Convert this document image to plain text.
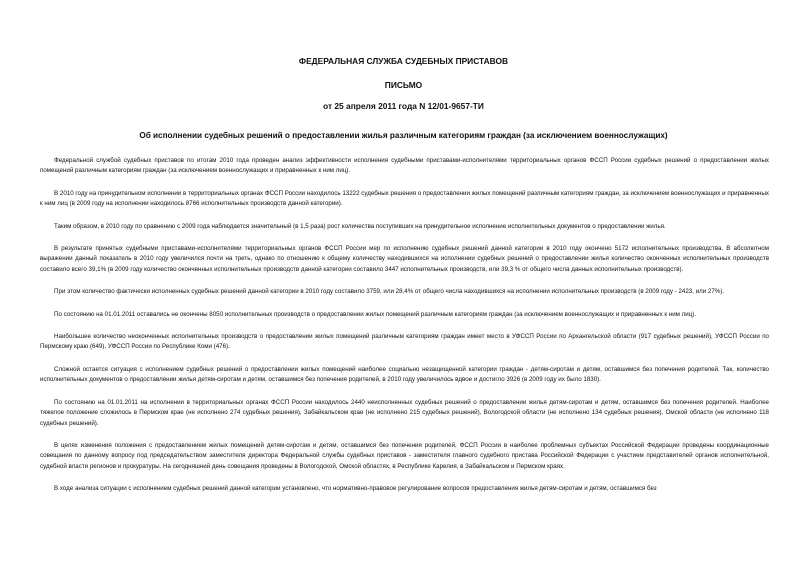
ФЕДЕРАЛЬНАЯ СЛУЖБА СУДЕБНЫХ ПРИСТАВОВ
ПИСЬМО
от 25 апреля 2011 года N 12/01-9657-ТИ
Об исполнении судебных решений о предоставлении жилья различным категориям граждан (за исключением военнослужащих)

Федеральной службой судебных приставов по итогам 2010 года проведен анализ эффективности исполнения судебными приставами-исполнителями территориальных органов ФССП России судебных решений о предоставлении жилых помещений различным категориям граждан (за исключением военнослужащих и приравненных к ним лиц).

В 2010 году на принудительном исполнении в территориальных органах ФССП России находилось 13222 судебных решения о предоставлении жилых помещений различным категориям граждан, за исключением военнослужащих и приравненных к ним лиц (в 2009 году на исполнении находилось 8766 исполнительных производств данной категории).

Таким образом, в 2010 году по сравнению с 2009 года наблюдается значительный (в 1,5 раза) рост количества поступивших на принудительное исполнение исполнительных документов о предоставлении жилья.

В результате принятых судебными приставами-исполнителями территориальных органов ФССП России мер по исполнению судебных решений данной категории в 2010 году окончено 5172 исполнительных производства. В абсолютном выражении данный показатель в 2010 году увеличился почти на треть, однако по отношению к общему количеству находившихся на исполнении судебных решений о предоставлении жилья количество оконченных исполнительных производств составило всего 39,1% (в 2009 году количество оконченных исполнительных производств данной категории составило 3447 исполнительных производств, или 39,3 % от общего числа данных исполнительных производств).

При этом количество фактически исполненных судебных решений данной категории в 2010 году составило 3759, или 28,4% от общего числа находившихся на исполнении исполнительных производств (в 2009 году - 2423, или 27%).

По состоянию на 01.01.2011 оставались не окончены 8050 исполнительных производств о предоставлении жилых помещений различным категориям граждан (за исключением военнослужащих и приравненных к ним лиц).

Наибольшее количество неоконченных исполнительных производств о предоставлении жилых помещений различным категориям граждан имеет место в УФССП России по Архангельской области (917 судебных решений), УФССП России по Пермскому краю (649), УФССП России по Республике Коми (476).

Сложной остается ситуация с исполнением судебных решений о предоставлении жилых помещений наиболее социально незащищенной категории граждан - детям-сиротам и детям, оставшимся без попечения родителей. Так, количество исполнительных документов о предоставлении жилья детям-сиротам и детям, оставшимся без попечения родителей, в 2010 году увеличилось вдвое и достигло 3926 (в 2009 году их было 1830).

По состоянию на 01.01.2011 на исполнении в территориальных органах ФССП России находилось 2440 неисполненных судебных решений о предоставлении жилья детям-сиротам и детям, оставшимся без попечения родителей. Наиболее тяжелое положение сложилось в Пермском крае (не исполнено 274 судебных решения), Забайкальском крае (не исполнено 215 судебных решений), Вологодской области (не исполнено 134 судебных решения), Омской области (не исполнено 118 судебных решений).

В целях изменения положения с предоставлением жилых помещений детям-сиротам и детям, оставшимся без попечения родителей, ФССП России в наиболее проблемных субъектах Российской Федерации проведены координационные совещания по данному вопросу под председательством заместителя директора Федеральной службы судебных приставов - заместителя главного судебного пристава Российской Федерации с участием представителей органов исполнительной, судебной власти регионов и прокуратуры. На сегодняшний день совещания проведены в Вологодской, Омской областях, в Республике Карелия, в Забайкальском и Пермском краях.

В ходе анализа ситуации с исполнением судебных решений данной категории установлено, что нормативно-правовое регулирование вопросов предоставления жилья детям-сиротам и детям, оставшимся без
